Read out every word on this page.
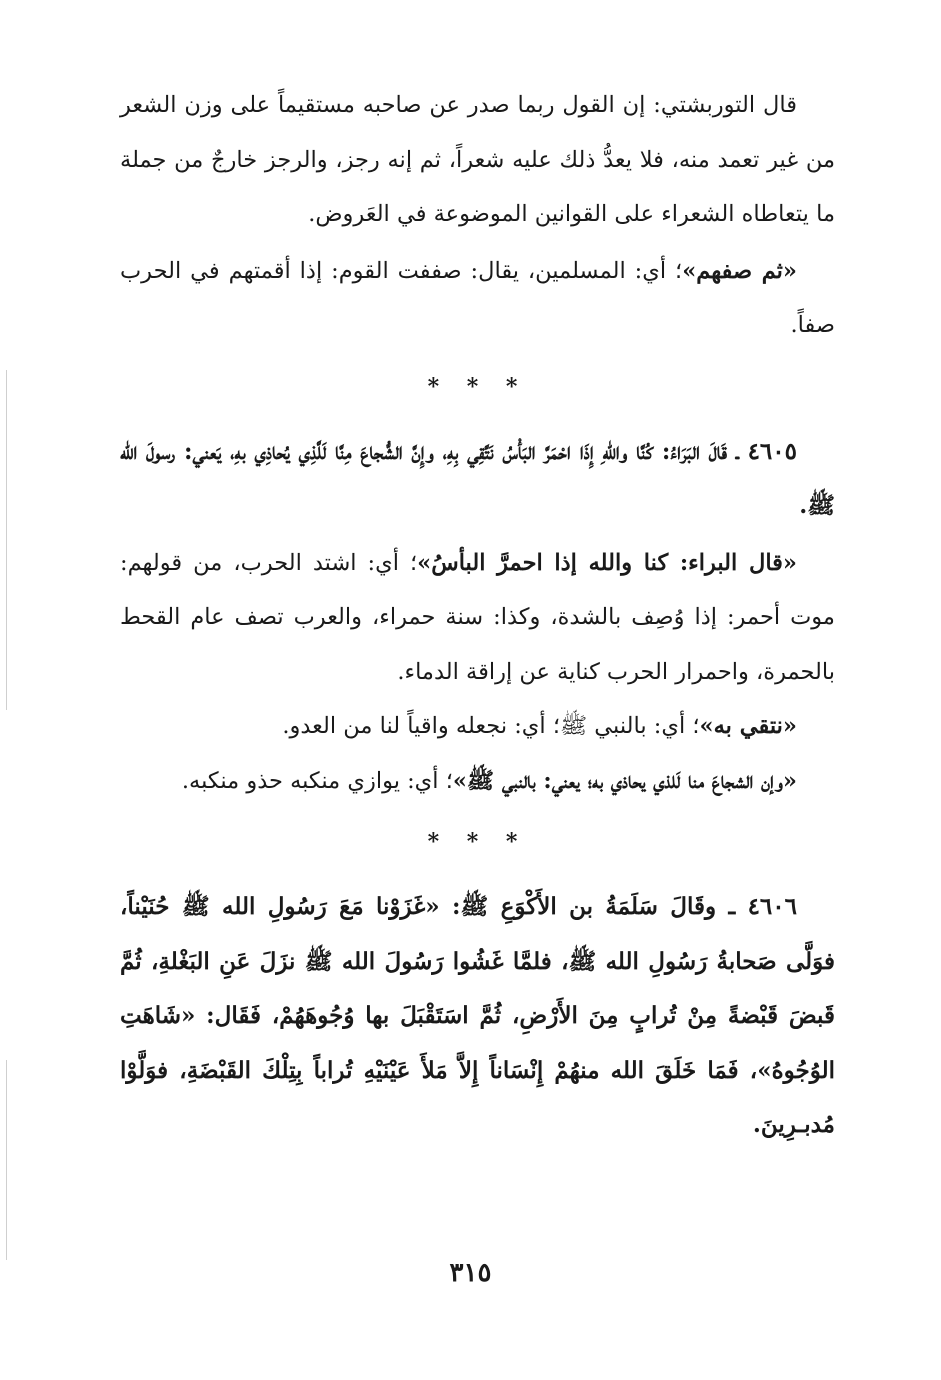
قال التوربشتي: إن القول ربما صدر عن صاحبه مستقيماً على وزن الشعر من غير تعمد منه، فلا يعدُّ ذلك عليه شعراً، ثم إنه رجز، والرجز خارجٌ من جملة ما يتعاطاه الشعراء على القوانين الموضوعة في العَروض.

«ثم صفهم»؛ أي: المسلمين، يقال: صففت القوم: إذا أقمتهم في الحرب صفاً.

* * *

٤٦٠٥ ـ قَالَ البَرَاءُ: كُنَّا واللهِ إِذَا احْمَرَّ البَأْسُ نَتَّقِي بِهِ، وإِنَّ الشُّجاعَ مِنَّا لَلَّذِي يُحاذِي بهِ، يَعني: رسولَ الله ﷺ.

«قال البراء: كنا والله إذا احمرَّ البأسُ»؛ أي: اشتد الحرب، من قولهم: موت أحمر: إذا وُصِف بالشدة، وكذا: سنة حمراء، والعرب تصف عام القحط بالحمرة، واحمرار الحرب كناية عن إراقة الدماء.

«نتقي به»؛ أي: بالنبي ﷺ؛ أي: نجعله واقياً لنا من العدو.

«وإن الشجاعَ منا لَلذي يحاذي به؛ يعني: بالنبي ﷺ»؛ أي: يوازي منكبه حذو منكبه.

* * *

٤٦٠٦ ـ وقَالَ سَلَمَةُ بن الأَكْوَعِ ﷺ: «غَزَوْنا مَعَ رَسُولِ الله ﷺ حُنَيْناً، فوَلَّى صَحابةُ رَسُولِ الله ﷺ، فلمَّا غَشُوا رَسُولَ الله ﷺ نزَلَ عَنِ البَغْلةِ، ثُمَّ قَبضَ قَبْضةً مِنْ تُرابٍ مِنَ الأَرْضِ، ثُمَّ اسَتَقْبَلَ بها وُجُوهَهُمْ، فَقَال: «شَاهَتِ الوُجُوهُ»، فَمَا خَلَقَ الله منهُمْ إِنْسَاناً إِلاَّ مَلأَ عَيْنَيْهِ تُراباً بِتِلْكَ القَبْضَةِ، فوَلَّوْا مُدبـرِينَ.

٣١٥
